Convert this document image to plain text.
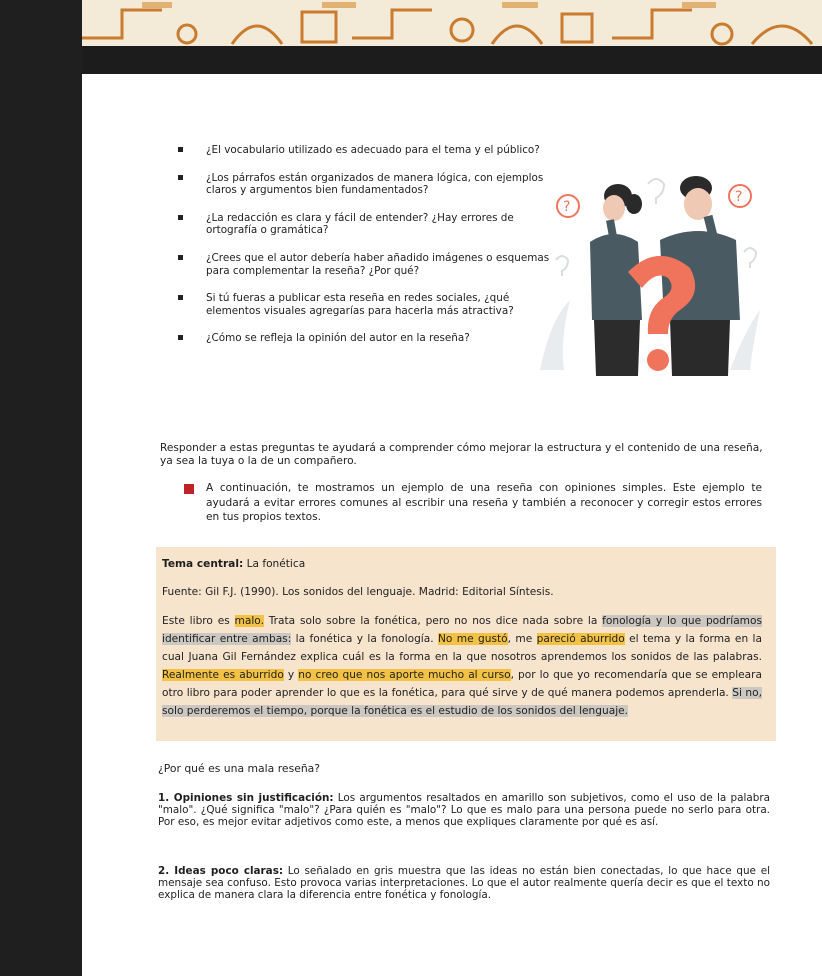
¿El vocabulario utilizado es adecuado para el tema y el público?
¿Los párrafos están organizados de manera lógica, con ejemplos claros y argumentos bien fundamentados?
¿La redacción es clara y fácil de entender? ¿Hay errores de ortografía o gramática?
¿Crees que el autor debería haber añadido imágenes o esquemas para complementar la reseña? ¿Por qué?
Si tú fueras a publicar esta reseña en redes sociales, ¿qué elementos visuales agregarías para hacerla más atractiva?
¿Cómo se refleja la opinión del autor en la reseña?
?
?
Responder a estas preguntas te ayudará a comprender cómo mejorar la estructura y el contenido de una reseña, ya sea la tuya o la de un compañero.
A continuación, te mostramos un ejemplo de una reseña con opiniones simples. Este ejemplo te ayudará a evitar errores comunes al escribir una reseña y también a reconocer y corregir estos errores en tus propios textos.
Tema central: La fonética
Fuente: Gil F.J. (1990). Los sonidos del lenguaje. Madrid: Editorial Síntesis.
Este libro es malo. Trata solo sobre la fonética, pero no nos dice nada sobre la fonología y lo que podríamos identificar entre ambas: la fonética y la fonología. No me gustó, me pareció aburrido el tema y la forma en la cual Juana Gil Fernández explica cuál es la forma en la que nosotros aprendemos los sonidos de las palabras. Realmente es aburrido y no creo que nos aporte mucho al curso, por lo que yo recomendaría que se empleara otro libro para poder aprender lo que es la fonética, para qué sirve y de qué manera podemos aprenderla. Si no, solo perderemos el tiempo, porque la fonética es el estudio de los sonidos del lenguaje.
¿Por qué es una mala reseña?
1. Opiniones sin justificación: Los argumentos resaltados en amarillo son subjetivos, como el uso de la palabra "malo". ¿Qué significa "malo"? ¿Para quién es "malo"? Lo que es malo para una persona puede no serlo para otra. Por eso, es mejor evitar adjetivos como este, a menos que expliques claramente por qué es así.
2. Ideas poco claras: Lo señalado en gris muestra que las ideas no están bien conectadas, lo que hace que el mensaje sea confuso. Esto provoca varias interpretaciones. Lo que el autor realmente quería decir es que el texto no explica de manera clara la diferencia entre fonética y fonología.
